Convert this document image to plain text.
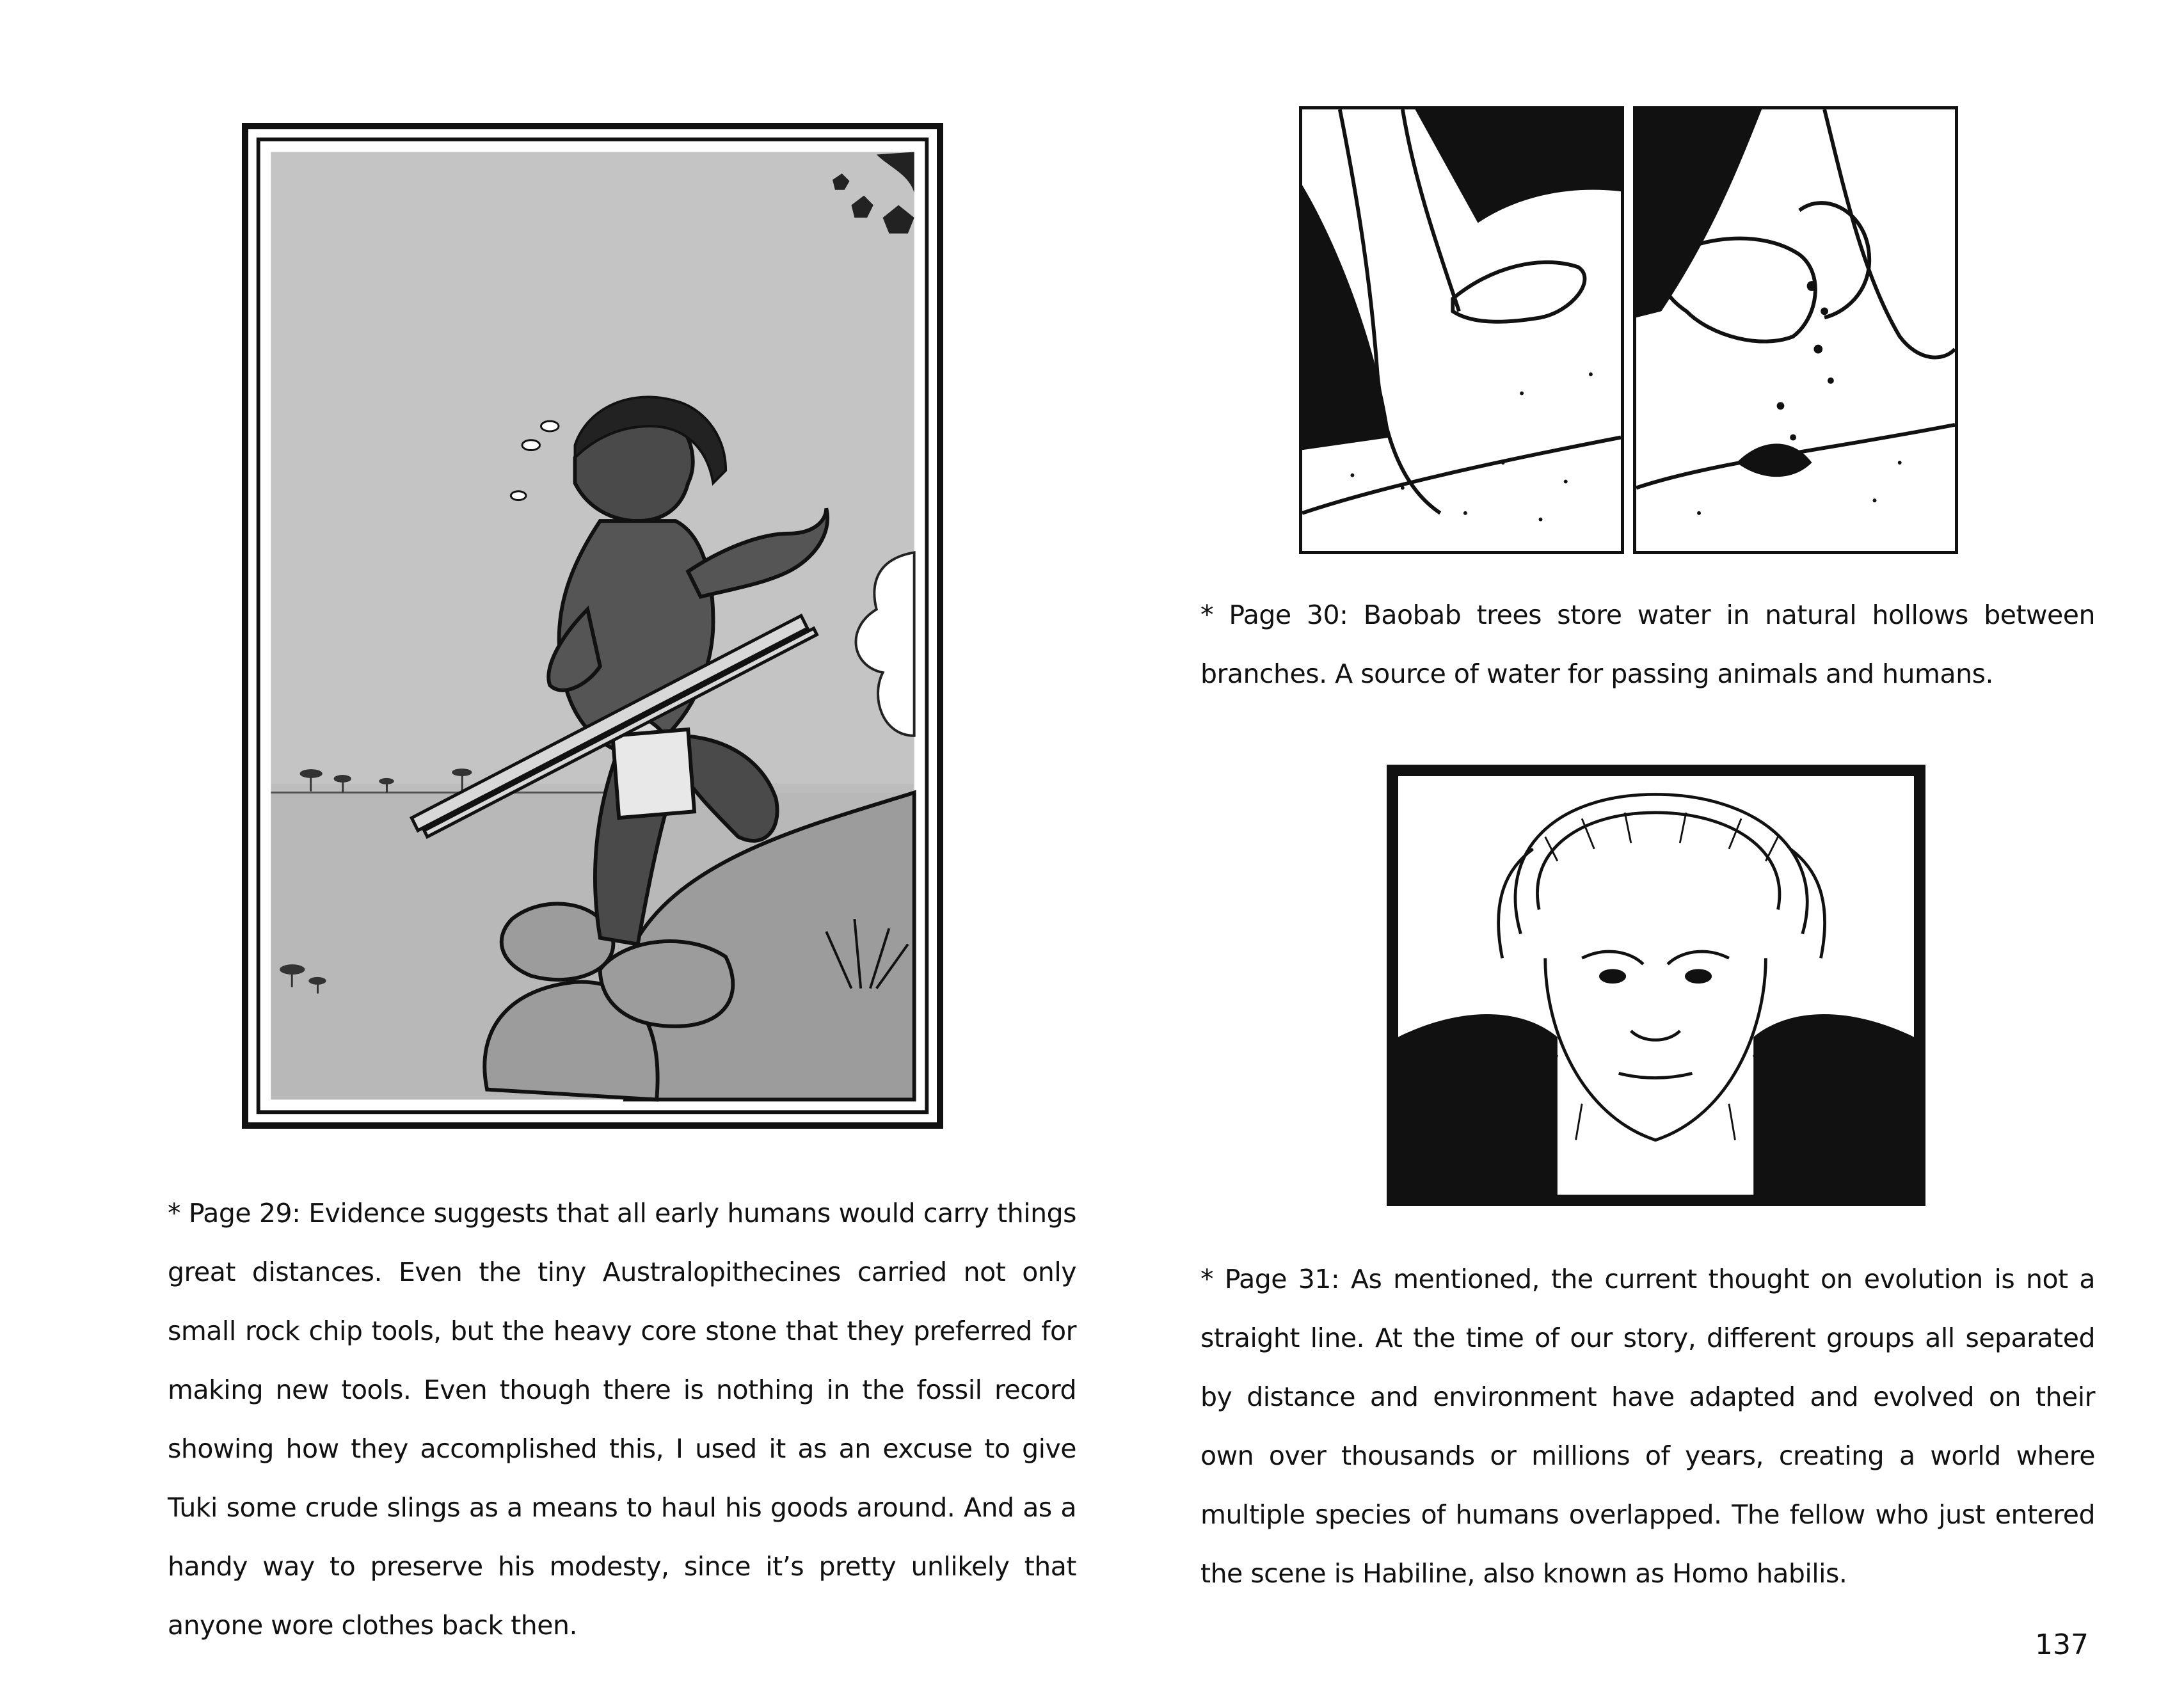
* Page 29: Evidence suggests that all early humans would carry things great distances. Even the tiny Australopithecines carried not only small rock chip tools, but the heavy core stone that they preferred for making new tools. Even though there is nothing in the fossil record showing how they accomplished this, I used it as an excuse to give Tuki some crude slings as a means to haul his goods around. And as a handy way to preserve his modesty, since it’s pretty unlikely that anyone wore clothes back then.

* Page 30: Baobab trees store water in natural hollows between branches. A source of water for passing animals and humans.

* Page 31: As mentioned, the current thought on evolution is not a straight line. At the time of our story, different groups all separated by distance and environment have adapted and evolved on their own over thousands or millions of years, creating a world where multiple species of humans overlapped. The fellow who just entered the scene is Habiline, also known as Homo habilis.

137
